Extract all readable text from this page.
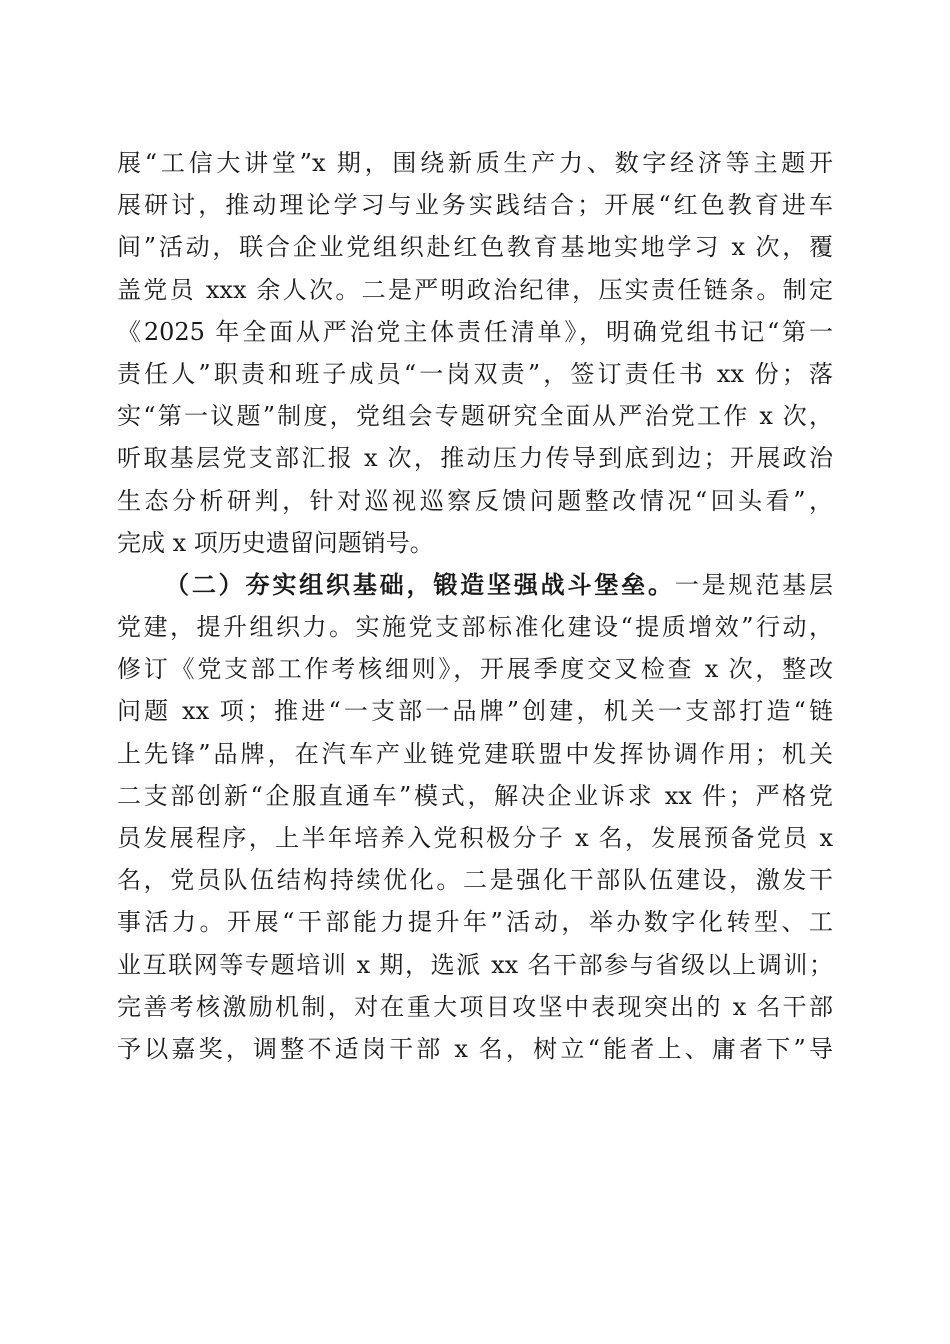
展“工信大讲堂”x 期，围绕新质生产力、数字经济等主题开
展研讨，推动理论学习与业务实践结合；开展“红色教育进车
间”活动，联合企业党组织赴红色教育基地实地学习 x 次，覆
盖党员 xxx 余人次。二是严明政治纪律，压实责任链条。制定
《2025 年全面从严治党主体责任清单》，明确党组书记“第一
责任人”职责和班子成员“一岗双责”，签订责任书 xx 份；落
实“第一议题”制度，党组会专题研究全面从严治党工作 x 次，
听取基层党支部汇报 x 次，推动压力传导到底到边；开展政治
生态分析研判，针对巡视巡察反馈问题整改情况“回头看”，
完成 x 项历史遗留问题销号。
（二）夯实组织基础，锻造坚强战斗堡垒。一是规范基层
党建，提升组织力。实施党支部标准化建设“提质增效”行动，
修订《党支部工作考核细则》，开展季度交叉检查 x 次，整改
问题 xx 项；推进“一支部一品牌”创建，机关一支部打造“链
上先锋”品牌，在汽车产业链党建联盟中发挥协调作用；机关
二支部创新“企服直通车”模式，解决企业诉求 xx 件；严格党
员发展程序，上半年培养入党积极分子 x 名，发展预备党员 x
名，党员队伍结构持续优化。二是强化干部队伍建设，激发干
事活力。开展“干部能力提升年”活动，举办数字化转型、工
业互联网等专题培训 x 期，选派 xx 名干部参与省级以上调训；
完善考核激励机制，对在重大项目攻坚中表现突出的 x 名干部
予以嘉奖，调整不适岗干部 x 名，树立“能者上、庸者下”导
